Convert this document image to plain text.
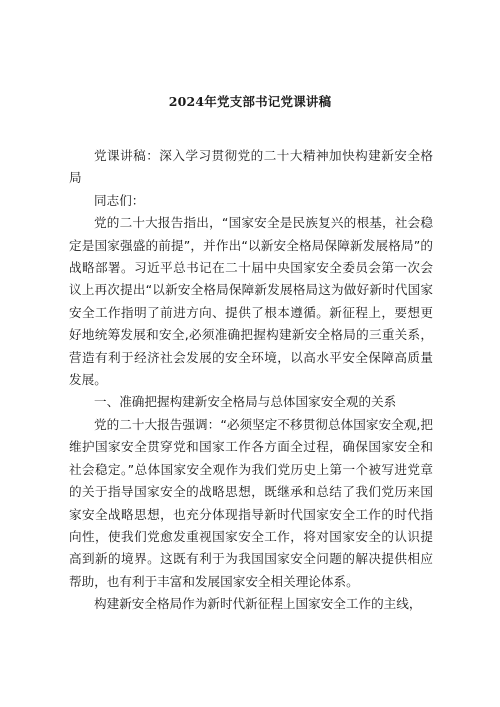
2024年党支部书记党课讲稿

党课讲稿：深入学习贯彻党的二十大精神加快构建新安全格局

同志们：

党的二十大报告指出，“国家安全是民族复兴的根基，社会稳定是国家强盛的前提”，并作出“以新安全格局保障新发展格局”的战略部署。习近平总书记在二十届中央国家安全委员会第一次会议上再次提出“以新安全格局保障新发展格局这为做好新时代国家安全工作指明了前进方向、提供了根本遵循。新征程上，要想更好地统筹发展和安全,必须准确把握构建新安全格局的三重关系，营造有利于经济社会发展的安全环境，以高水平安全保障高质量发展。

一、准确把握构建新安全格局与总体国家安全观的关系

党的二十大报告强调：“必须坚定不移贯彻总体国家安全观,把维护国家安全贯穿党和国家工作各方面全过程，确保国家安全和社会稳定。”总体国家安全观作为我们党历史上第一个被写进党章的关于指导国家安全的战略思想，既继承和总结了我们党历来国家安全战略思想，也充分体现指导新时代国家安全工作的时代指向性，使我们党愈发重视国家安全工作，将对国家安全的认识提高到新的境界。这既有利于为我国国家安全问题的解决提供相应帮助，也有利于丰富和发展国家安全相关理论体系。

构建新安全格局作为新时代新征程上国家安全工作的主线，
